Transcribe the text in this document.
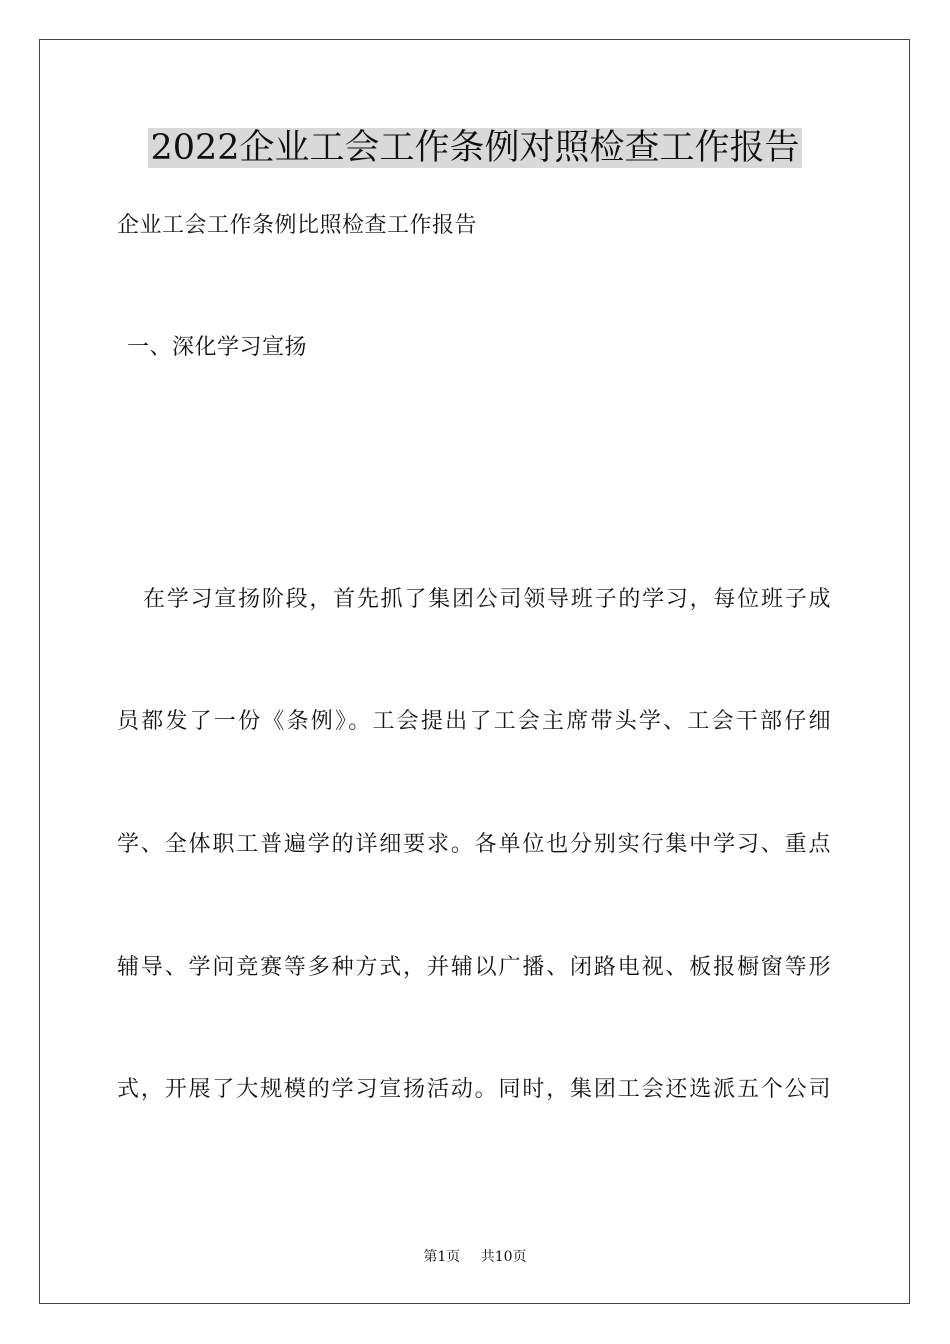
2022企业工会工作条例对照检查工作报告
企业工会工作条例比照检查工作报告
一、深化学习宣扬
在学习宣扬阶段，首先抓了集团公司领导班子的学习，每位班子成
员都发了一份《条例》。工会提出了工会主席带头学、工会干部仔细
学、全体职工普遍学的详细要求。各单位也分别实行集中学习、重点
辅导、学问竞赛等多种方式，并辅以广播、闭路电视、板报橱窗等形
式，开展了大规模的学习宣扬活动。同时，集团工会还选派五个公司
第1页 共10页
